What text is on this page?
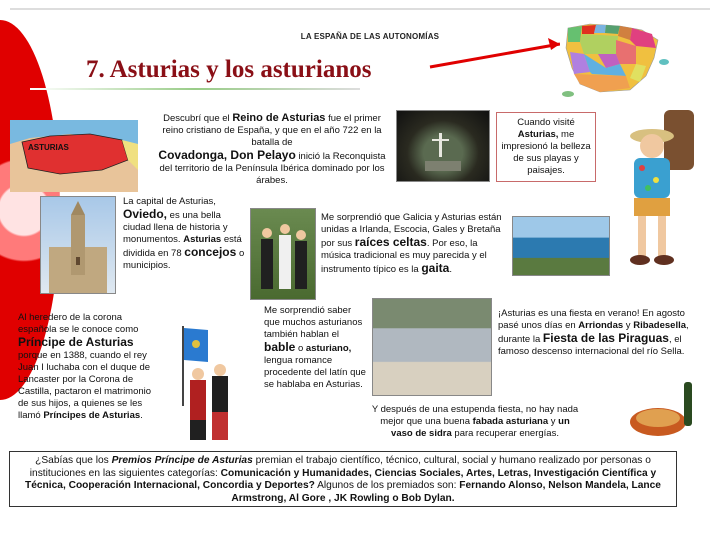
LA ESPAÑA DE LAS AUTONOMÍAS
7. Asturias y los asturianos
ASTURIAS
Descubrí que el Reino de Asturias fue el primer reino cristiano de España, y que en el año 722 en la batalla de
Covadonga, Don Pelayo inició la Reconquista del territorio de la Península Ibérica dominado por los árabes.
Cuando visité Asturias, me impresionó la belleza de sus playas y paisajes.
La capital de Asturias,
Oviedo, es una bella ciudad llena de historia y monumentos. Asturias está dividida en 78 concejos o municipios.
Me sorprendió que Galicia y Asturias están unidas a Irlanda, Escocia, Gales y Bretaña por sus raíces celtas. Por eso, la música tradicional es muy parecida y el instrumento típico es la gaita.
Al heredero de la corona española se le conoce como Príncipe de Asturias porque en 1388, cuando el rey Juan I luchaba con el duque de Lancaster por la Corona de Castilla, pactaron el matrimonio de sus hijos, a quienes se les llamó Príncipes de Asturias.
Me sorprendió saber que muchos asturianos también hablan el bable o asturiano, lengua romance procedente del latín que se hablaba en Asturias.
¡Asturias es una fiesta en verano! En agosto pasé unos días en Arriondas y Ribadesella, durante la Fiesta de las Piraguas, el famoso descenso internacional del río Sella.
Y después de una estupenda fiesta, no hay nada mejor que una buena fabada asturiana y un vaso de sidra para recuperar energías.
¿Sabías que los Premios Príncipe de Asturias premian el trabajo científico, técnico, cultural, social y humano realizado por personas o instituciones en las siguientes categorías: Comunicación y Humanidades, Ciencias Sociales, Artes, Letras, Investigación Científica y Técnica, Cooperación Internacional, Concordia y Deportes? Algunos de los premiados son: Fernando Alonso, Nelson Mandela, Lance Armstrong, Al Gore , JK Rowling o Bob Dylan.
